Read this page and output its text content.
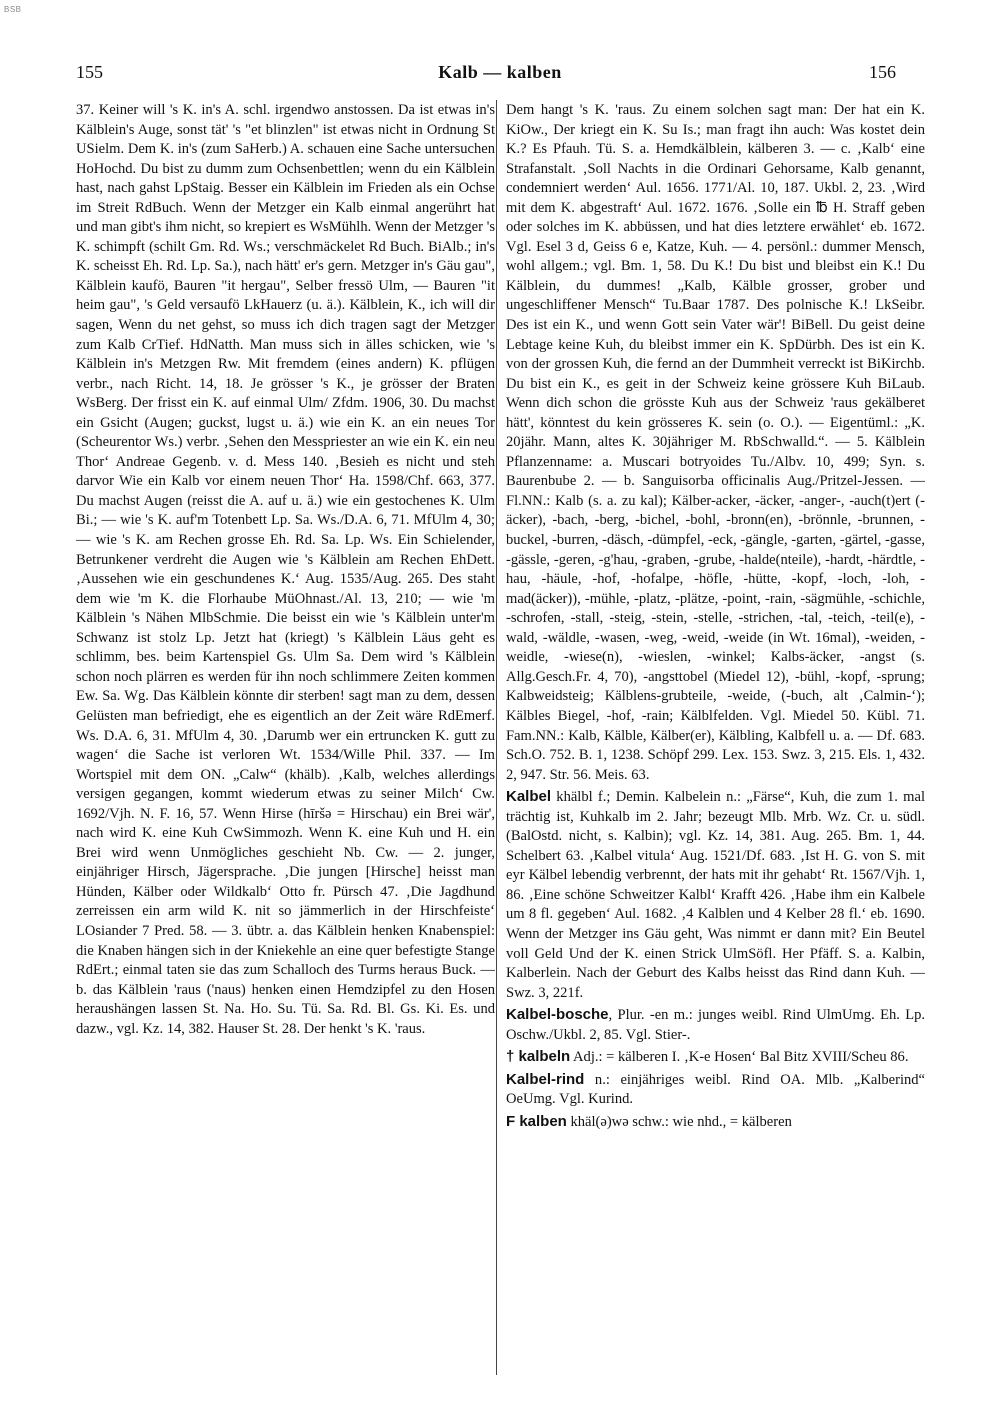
BSB
155	Kalb — kalben	156

37. Keiner will 's K. in's A. schl. irgendwo anstossen. Da ist etwas in's Kälblein's Auge, sonst tät' 's "et blinzlen" ist etwas nicht in Ordnung St USielm. Dem K. in's (zum SaHerb.) A. schauen eine Sache untersuchen HoHochd. Du bist zu dumm zum Ochsenbettlen; wenn du ein Kälblein hast, nach gahst LpStaig. Besser ein Kälblein im Frieden als ein Ochse im Streit RdBuch. Wenn der Metzger ein Kalb einmal angerührt hat und man gibt's ihm nicht, so krepiert es WsMühlh. Wenn der Metzger 's K. schimpft (schilt Gm. Rd. Ws.; verschmäckelet Rd Buch. BiAlb.; in's K. scheisst Eh. Rd. Lp. Sa.), nach hätt' er's gern. Metzger in's Gäu gau", Kälblein kaufö, Bauren "it hergau", Selber fressö Ulm, — Bauren "it heim gau", 's Geld versaufö LkHauerz (u. ä.). Kälblein, K., ich will dir sagen, Wenn du net gehst, so muss ich dich tragen sagt der Metzger zum Kalb CrTief. HdNatth. Man muss sich in älles schicken, wie 's Kälblein in's Metzgen Rw. Mit fremdem (eines andern) K. pflügen verbr., nach Richt. 14, 18. Je grösser 's K., je grösser der Braten WsBerg. Der frisst ein K. auf einmal Ulm/ Zfdm. 1906, 30. Du machst ein Gsicht (Augen; guckst, lugst u. ä.) wie ein K. an ein neues Tor (Scheurentor Ws.) verbr. ‚Sehen den Messpriester an wie ein K. ein neu Thor‘ Andreae Gegenb. v. d. Mess 140. ‚Besieh es nicht und steh darvor Wie ein Kalb vor einem neuen Thor‘ Ha. 1598/Chf. 663, 377. Du machst Augen (reisst die A. auf u. ä.) wie ein gestochenes K. Ulm Bi.; — wie 's K. auf'm Totenbett Lp. Sa. Ws./D.A. 6, 71. MfUlm 4, 30; — wie 's K. am Rechen grosse Eh. Rd. Sa. Lp. Ws. Ein Schielender, Betrunkener verdreht die Augen wie 's Kälblein am Rechen EhDett. ‚Aussehen wie ein geschundenes K.‘ Aug. 1535/Aug. 265. Des staht dem wie 'm K. die Florhaube MüOhnast./Al. 13, 210; — wie 'm Kälblein 's Nähen MlbSchmie. Die beisst ein wie 's Kälblein unter'm Schwanz ist stolz Lp. Jetzt hat (kriegt) 's Kälblein Läus geht es schlimm, bes. beim Kartenspiel Gs. Ulm Sa. Dem wird 's Kälblein schon noch plärren es werden für ihn noch schlimmere Zeiten kommen Ew. Sa. Wg. Das Kälblein könnte dir sterben! sagt man zu dem, dessen Gelüsten man befriedigt, ehe es eigentlich an der Zeit wäre RdEmerf. Ws. D.A. 6, 31. MfUlm 4, 30. ‚Darumb wer ein ertruncken K. gutt zu wagen‘ die Sache ist verloren Wt. 1534/Wille Phil. 337. — Im Wortspiel mit dem ON. „Calw“ (khälb). ‚Kalb, welches allerdings versigen gegangen, kommt wiederum etwas zu seiner Milch‘ Cw. 1692/Vjh. N. F. 16, 57. Wenn Hirse (hīršə = Hirschau) ein Brei wär', nach wird K. eine Kuh CwSimmozh. Wenn K. eine Kuh und H. ein Brei wird wenn Unmögliches geschieht Nb. Cw. — 2. junger, einjähriger Hirsch, Jägersprache. ‚Die jungen [Hirsche] heisst man Hünden, Kälber oder Wildkalb‘ Otto fr. Pürsch 47. ‚Die Jagdhund zerreissen ein arm wild K. nit so jämmerlich in der Hirschfeiste‘ LOsiander 7 Pred. 58. — 3. übtr. a. das Kälblein henken Knabenspiel: die Knaben hängen sich in der Kniekehle an eine quer befestigte Stange RdErt.; einmal taten sie das zum Schalloch des Turms heraus Buck. — b. das Kälblein 'raus ('naus) henken einen Hemdzipfel zu den Hosen heraushängen lassen St. Na. Ho. Su. Tü. Sa. Rd. Bl. Gs. Ki. Es. und dazw., vgl. Kz. 14, 382. Hauser St. 28. Der henkt 's K. 'raus.

Dem hangt 's K. 'raus. Zu einem solchen sagt man: Der hat ein K. KiOw., Der kriegt ein K. Su Is.; man fragt ihn auch: Was kostet dein K.? Es Pfauh. Tü. S. a. Hemdkälblein, kälberen 3. — c. ‚Kalb‘ eine Strafanstalt. ‚Soll Nachts in die Ordinari Gehorsame, Kalb genannt, condemniert werden‘ Aul. 1656. 1771/Al. 10, 187. Ukbl. 2, 23. ‚Wird mit dem K. abgestraft‘ Aul. 1672. 1676. ‚Solle ein ℔ H. Straff geben oder solches im K. abbüssen, und hat dies letztere erwählet‘ eb. 1672. Vgl. Esel 3 d, Geiss 6 e, Katze, Kuh. — 4. persönl.: dummer Mensch, wohl allgem.; vgl. Bm. 1, 58. Du K.! Du bist und bleibst ein K.! Du Kälblein, du dummes! „Kalb, Kälble grosser, grober und ungeschliffener Mensch“ Tu.Baar 1787. Des polnische K.! LkSeibr. Des ist ein K., und wenn Gott sein Vater wär'! BiBell. Du geist deine Lebtage keine Kuh, du bleibst immer ein K. SpDürbh. Des ist ein K. von der grossen Kuh, die fernd an der Dummheit verreckt ist BiKirchb. Du bist ein K., es geit in der Schweiz keine grössere Kuh BiLaub. Wenn dich schon die grösste Kuh aus der Schweiz 'raus gekälberet hätt', könntest du kein grösseres K. sein (o. O.). — Eigentüml.: „K. 20jähr. Mann, altes K. 30jähriger M. RbSchwalld.“. — 5. Kälblein Pflanzenname: a. Muscari botryoides Tu./Albv. 10, 499; Syn. s. Baurenbube 2. — b. Sanguisorba officinalis Aug./Pritzel-Jessen. — Fl.NN.: Kalb (s. a. zu kal); Kälber-acker, -äcker, -anger-, -auch(t)ert (-äcker), -bach, -berg, -bichel, -bohl, -bronn(en), -brönnle, -brunnen, -buckel, -burren, -däsch, -dümpfel, -eck, -gängle, -garten, -gärtel, -gasse, -gässle, -geren, -g'hau, -graben, -grube, -halde(nteile), -hardt, -härdtle, -hau, -häule, -hof, -hofalpe, -höfle, -hütte, -kopf, -loch, -loh, -mad(äcker)), -mühle, -platz, -plätze, -point, -rain, -sägmühle, -schichle, -schrofen, -stall, -steig, -stein, -stelle, -strichen, -tal, -teich, -teil(e), -wald, -wäldle, -wasen, -weg, -weid, -weide (in Wt. 16mal), -weiden, -weidle, -wiese(n), -wieslen, -winkel; Kalbs-äcker, -angst (s. Allg.Gesch.Fr. 4, 70), -angsttobel (Miedel 12), -bühl, -kopf, -sprung; Kalbweidsteig; Kälblens-grubteile, -weide, (-buch, alt ‚Calmin-‘); Kälbles Biegel, -hof, -rain; Kälblfelden. Vgl. Miedel 50. Kübl. 71. Fam.NN.: Kalb, Kälble, Kälber(er), Kälbling, Kalbfell u. a. — Df. 683. Sch.O. 752. B. 1, 1238. Schöpf 299. Lex. 153. Swz. 3, 215. Els. 1, 432. 2, 947. Str. 56. Meis. 63.

Kalbel khälbl f.; Demin. Kalbelein n.: „Färse“, Kuh, die zum 1. mal trächtig ist, Kuhkalb im 2. Jahr; bezeugt Mlb. Mrb. Wz. Cr. u. südl. (BalOstd. nicht, s. Kalbin); vgl. Kz. 14, 381. Aug. 265. Bm. 1, 44. Schelbert 63. ‚Kalbel vitula‘ Aug. 1521/Df. 683. ‚Ist H. G. von S. mit eyr Kälbel lebendig verbrennt, der hats mit ihr gehabt‘ Rt. 1567/Vjh. 1, 86. ‚Eine schöne Schweitzer Kalbl‘ Krafft 426. ‚Habe ihm ein Kalbele um 8 fl. gegeben‘ Aul. 1682. ‚4 Kalblen und 4 Kelber 28 fl.‘ eb. 1690. Wenn der Metzger ins Gäu geht, Was nimmt er dann mit? Ein Beutel voll Geld Und der K. einen Strick UlmSöfl. Her Pfäff. S. a. Kalbin, Kalberlein. Nach der Geburt des Kalbs heisst das Rind dann Kuh. — Swz. 3, 221f.

Kalbel-bosche, Plur. -en m.: junges weibl. Rind UlmUmg. Eh. Lp. Oschw./Ukbl. 2, 85. Vgl. Stier-.

† kalbeln Adj.: = kälberen I. ‚K-e Hosen‘ Bal Bitz XVIII/Scheu 86.

Kalbel-rind n.: einjähriges weibl. Rind OA. Mlb. „Kalberind“ OeUmg. Vgl. Kurind.

F kalben khäl(ə)wə schw.: wie nhd., = kälberen
